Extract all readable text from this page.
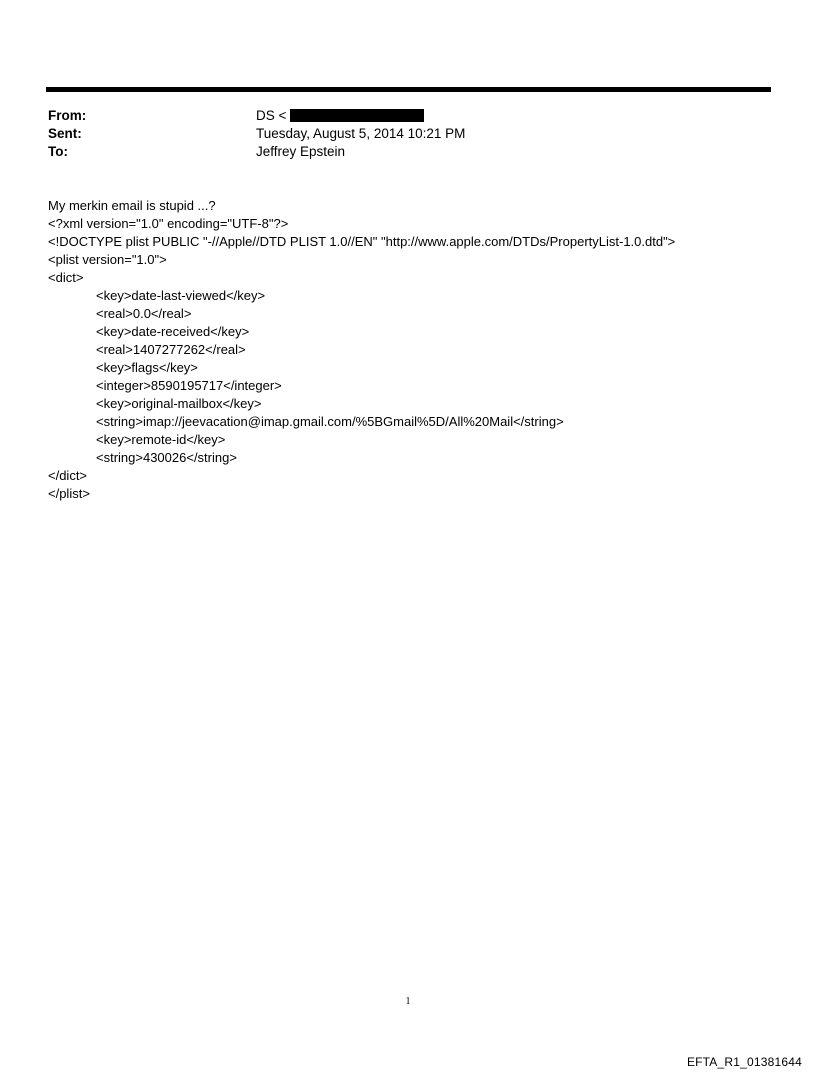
From:	DS <
Sent:	Tuesday, August 5, 2014 10:21 PM
To:	Jeffrey Epstein
My merkin email is stupid ...?
<?xml version="1.0" encoding="UTF-8"?>
<!DOCTYPE plist PUBLIC "-//Apple//DTD PLIST 1.0//EN" "http://www.apple.com/DTDs/PropertyList-1.0.dtd">
<plist version="1.0">
<dict>
<key>date-last-viewed</key>
<real>0.0</real>
<key>date-received</key>
<real>1407277262</real>
<key>flags</key>
<integer>8590195717</integer>
<key>original-mailbox</key>
<string>imap://jeevacation@imap.gmail.com/%5BGmail%5D/All%20Mail</string>
<key>remote-id</key>
<string>430026</string>
</dict>
</plist>
1
EFTA_R1_01381644
